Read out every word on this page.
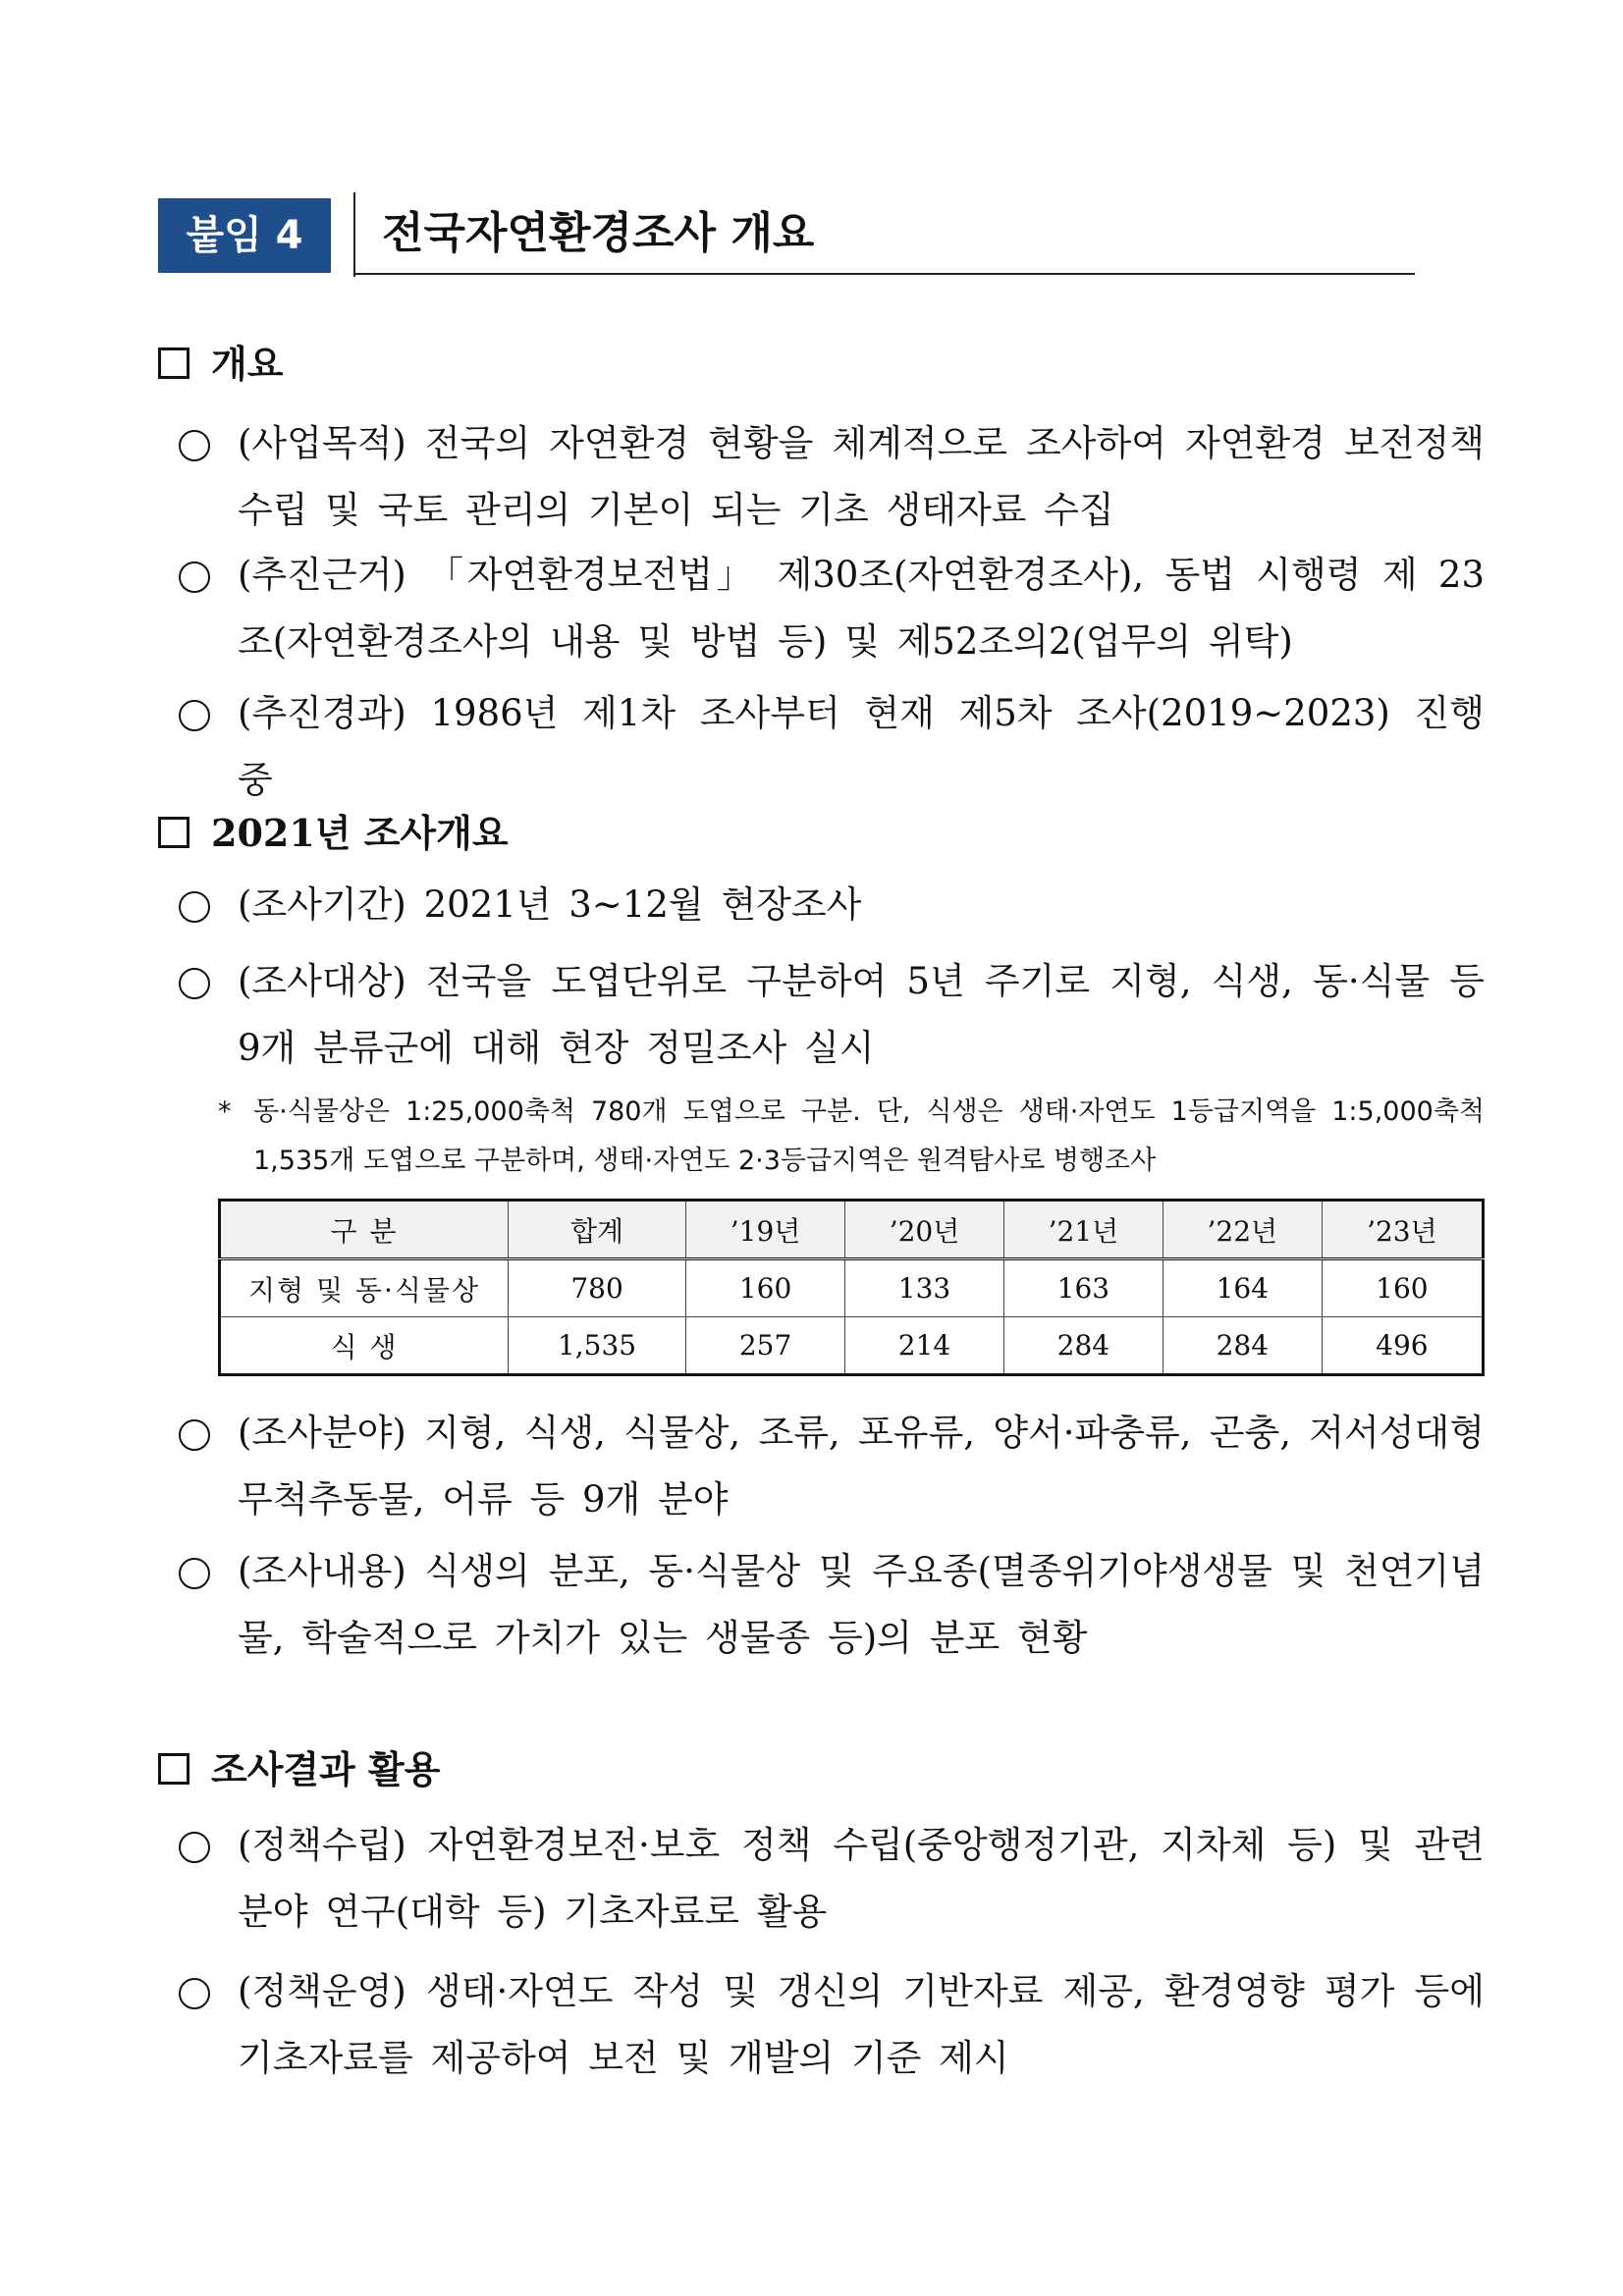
붙임 4	전국자연환경조사 개요
개요
(사업목적) 전국의 자연환경 현황을 체계적으로 조사하여 자연환경 보전정책 수립 및 국토 관리의 기본이 되는 기초 생태자료 수집
(추진근거) 「자연환경보전법」 제30조(자연환경조사), 동법 시행령 제 23조(자연환경조사의 내용 및 방법 등) 및 제52조의2(업무의 위탁)
(추진경과) 1986년 제1차 조사부터 현재 제5차 조사(2019∼2023) 진행 중
2021년 조사개요
(조사기간) 2021년 3~12월 현장조사
(조사대상) 전국을 도엽단위로 구분하여 5년 주기로 지형, 식생, 동·식물 등 9개 분류군에 대해 현장 정밀조사 실시
* 동·식물상은 1:25,000축척 780개 도엽으로 구분. 단, 식생은 생태·자연도 1등급지역을 1:5,000축척 1,535개 도엽으로 구분하며, 생태·자연도 2·3등급지역은 원격탐사로 병행조사
구 분	합계	’19년	’20년	’21년	’22년	’23년
지형 및 동·식물상	780	160	133	163	164	160
식 생	1,535	257	214	284	284	496
(조사분야) 지형, 식생, 식물상, 조류, 포유류, 양서·파충류, 곤충, 저서성대형무척추동물, 어류 등 9개 분야
(조사내용) 식생의 분포, 동·식물상 및 주요종(멸종위기야생생물 및 천연기념물, 학술적으로 가치가 있는 생물종 등)의 분포 현황
조사결과 활용
(정책수립) 자연환경보전·보호 정책 수립(중앙행정기관, 지차체 등) 및 관련분야 연구(대학 등) 기초자료로 활용
(정책운영) 생태·자연도 작성 및 갱신의 기반자료 제공, 환경영향 평가 등에 기초자료를 제공하여 보전 및 개발의 기준 제시
